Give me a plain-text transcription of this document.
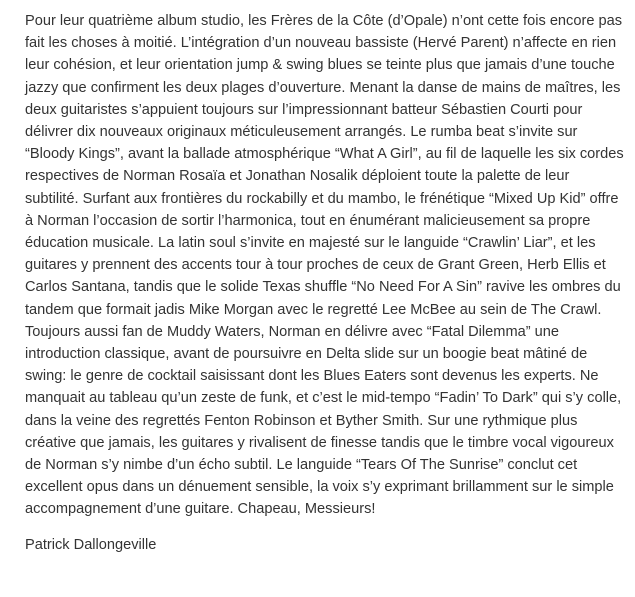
Pour leur quatrième album studio, les Frères de la Côte (d’Opale) n’ont cette fois encore pas fait les choses à moitié. L’intégration d’un nouveau bassiste (Hervé Parent) n’affecte en rien leur cohésion, et leur orientation jump & swing blues se teinte plus que jamais d’une touche jazzy que confirment les deux plages d’ouverture. Menant la danse de mains de maîtres, les deux guitaristes s’appuient toujours sur l’impressionnant batteur Sébastien Courti pour délivrer dix nouveaux originaux méticuleusement arrangés. Le rumba beat s’invite sur “Bloody Kings”, avant la ballade atmosphérique “What A Girl”, au fil de laquelle les six cordes respectives de Norman Rosaïa et Jonathan Nosalik déploient toute la palette de leur subtilité. Surfant aux frontières du rockabilly et du mambo, le frénétique “Mixed Up Kid” offre à Norman l’occasion de sortir l’harmonica, tout en énumérant malicieusement sa propre éducation musicale. La latin soul s’invite en majesté sur le languide “Crawlin’ Liar”, et les guitares y prennent des accents tour à tour proches de ceux de Grant Green, Herb Ellis et Carlos Santana, tandis que le solide Texas shuffle “No Need For A Sin” ravive les ombres du tandem que formait jadis Mike Morgan avec le regretté Lee McBee au sein de The Crawl. Toujours aussi fan de Muddy Waters, Norman en délivre avec “Fatal Dilemma” une introduction classique, avant de poursuivre en Delta slide sur un boogie beat mâtiné de swing: le genre de cocktail saisissant dont les Blues Eaters sont devenus les experts. Ne manquait au tableau qu’un zeste de funk, et c’est le mid-tempo “Fadin’ To Dark” qui s’y colle, dans la veine des regrettés Fenton Robinson et Byther Smith. Sur une rythmique plus créative que jamais, les guitares y rivalisent de finesse tandis que le timbre vocal vigoureux de Norman s’y nimbe d’un écho subtil. Le languide “Tears Of The Sunrise” conclut cet excellent opus dans un dénuement sensible, la voix s’y exprimant brillamment sur le simple accompagnement d’une guitare. Chapeau, Messieurs!

Patrick Dallongeville
